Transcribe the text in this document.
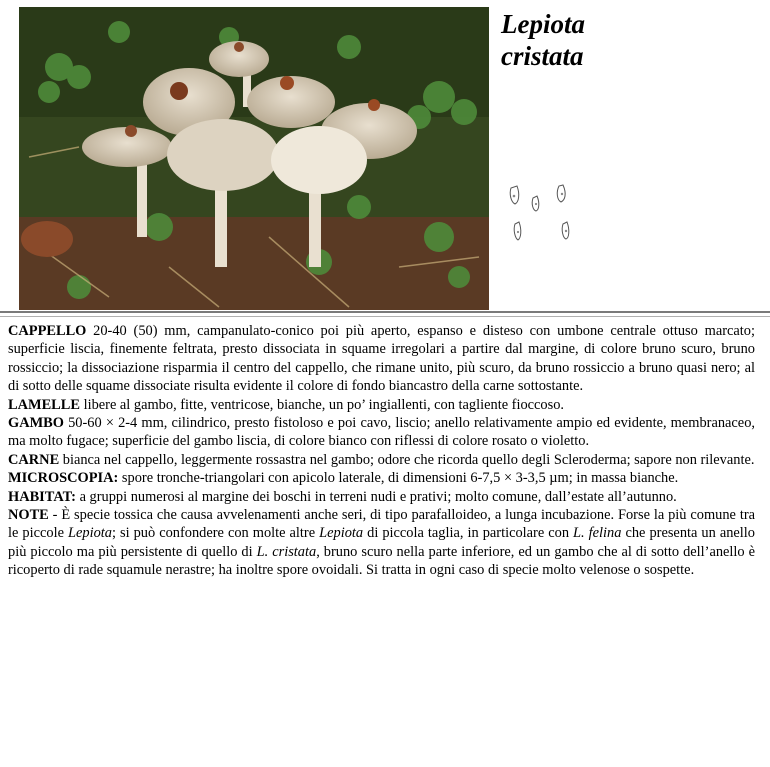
Lepiota
cristata

CAPPELLO 20-40 (50) mm, campanulato-conico poi più aperto, espanso e disteso con umbone centrale ottuso marcato; superficie liscia, finemente feltrata, presto dissociata in squame irregolari a partire dal margine, di colore bruno scuro, bruno rossiccio; la dissociazione risparmia il centro del cappello, che rimane unito, più scuro, da bruno rossiccio a bruno quasi nero; al di sotto delle squame dissociate risulta evidente il colore di fondo biancastro della carne sottostante.

LAMELLE libere al gambo, fitte, ventricose, bianche, un po’ ingiallenti, con tagliente fioccoso.

GAMBO 50-60 × 2-4 mm, cilindrico, presto fistoloso e poi cavo, liscio; anello relativamente ampio ed evidente, membranaceo, ma molto fugace; superficie del gambo liscia, di colore bianco con riflessi di colore rosato o violetto.

CARNE bianca nel cappello, leggermente rossastra nel gambo; odore che ricorda quello degli Scleroderma; sapore non rilevante.

MICROSCOPIA: spore tronche-triangolari con apicolo laterale, di dimensioni 6-7,5 × 3-3,5 µm; in massa bianche.

HABITAT: a gruppi numerosi al margine dei boschi in terreni nudi e prativi; molto comune, dall’estate all’autunno.

NOTE - È specie tossica che causa avvelenamenti anche seri, di tipo parafalloideo, a lunga incubazione. Forse la più comune tra le piccole Lepiota; si può confondere con molte altre Lepiota di piccola taglia, in particolare con L. felina che presenta un anello più piccolo ma più persistente di quello di L. cristata, bruno scuro nella parte inferiore, ed un gambo che al di sotto dell’anello è ricoperto di rade squamule nerastre; ha inoltre spore ovoidali. Si tratta in ogni caso di specie molto velenose o sospette.
